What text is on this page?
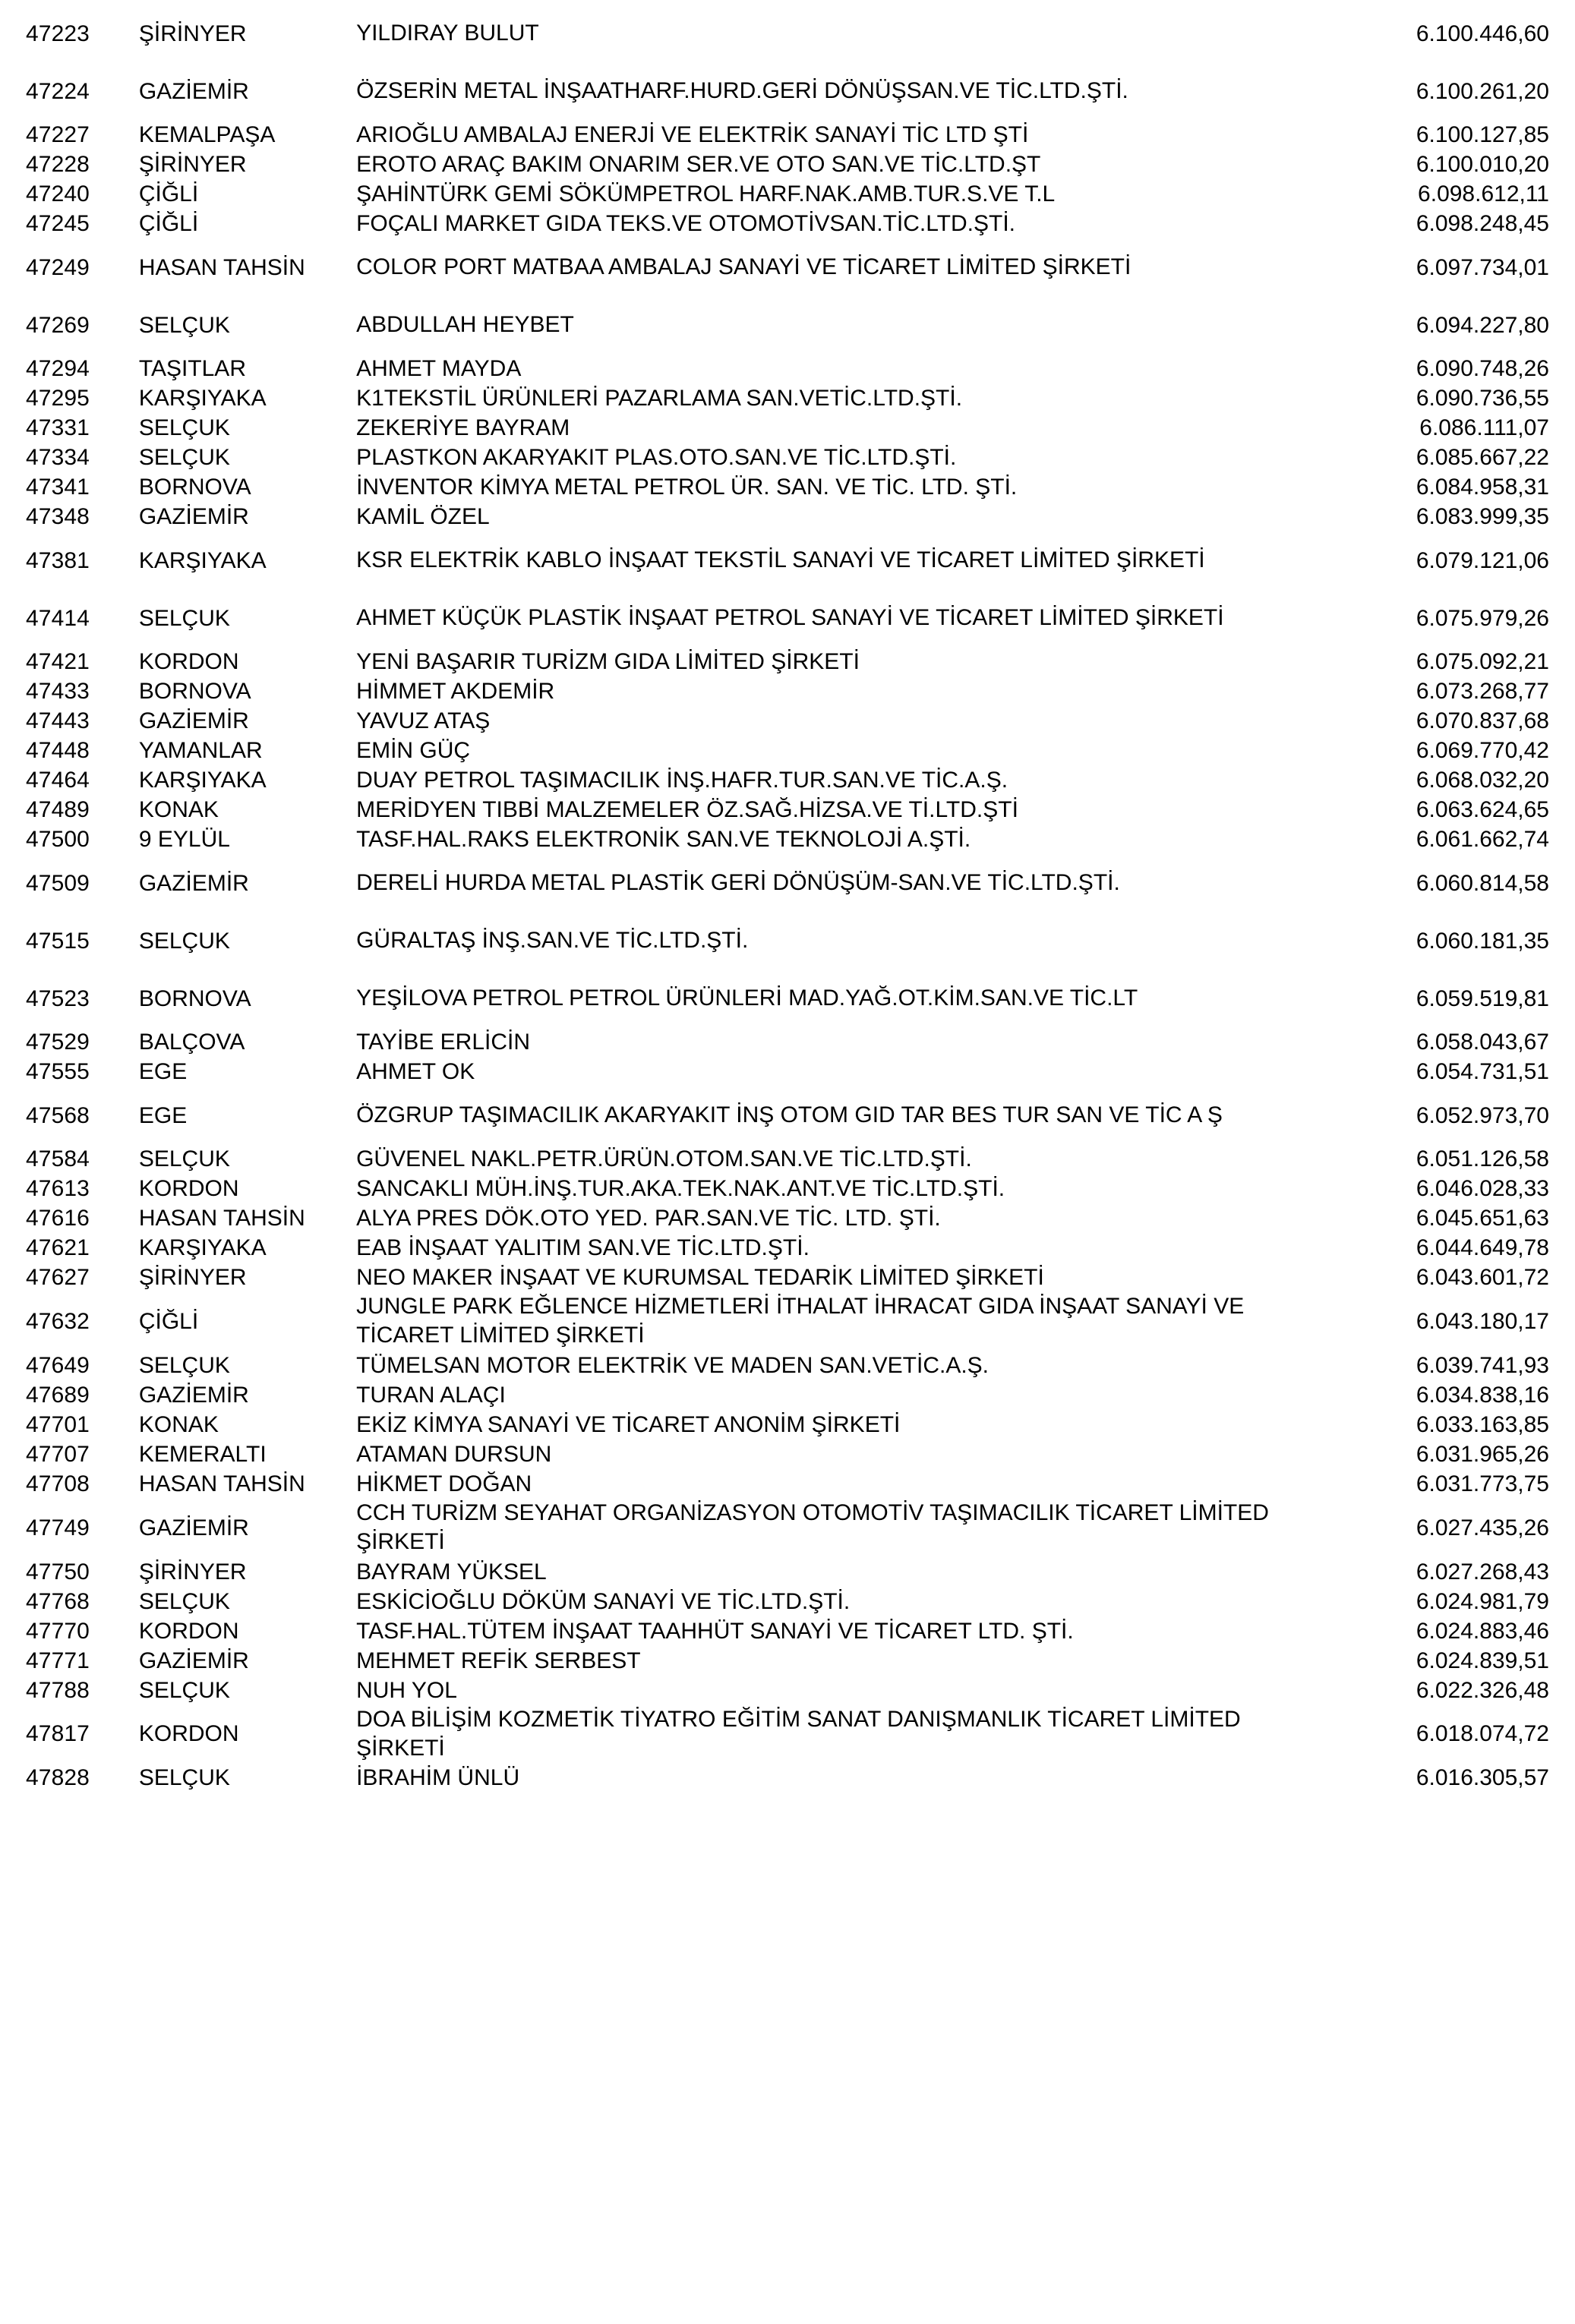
47223	ŞİRİNYER	YILDIRAY BULUT		6.100.446,60
47224	GAZİEMİR	ÖZSERİN METAL İNŞAATHARF.HURD.GERİ DÖNÜŞSAN.VE TİC.LTD.ŞTİ.		6.100.261,20
47227	KEMALPAŞA	ARIOĞLU AMBALAJ ENERJİ VE ELEKTRİK SANAYİ TİC LTD ŞTİ		6.100.127,85
47228	ŞİRİNYER	EROTO ARAÇ BAKIM ONARIM SER.VE OTO SAN.VE TİC.LTD.ŞT		6.100.010,20
47240	ÇİĞLİ	ŞAHİNTÜRK GEMİ SÖKÜMPETROL HARF.NAK.AMB.TUR.S.VE T.L		6.098.612,11
47245	ÇİĞLİ	FOÇALI MARKET GIDA TEKS.VE OTOMOTİVSAN.TİC.LTD.ŞTİ.		6.098.248,45
47249	HASAN TAHSİN	COLOR PORT MATBAA AMBALAJ SANAYİ VE TİCARET LİMİTED ŞİRKETİ		6.097.734,01
47269	SELÇUK	ABDULLAH HEYBET		6.094.227,80
47294	TAŞITLAR	AHMET MAYDA		6.090.748,26
47295	KARŞIYAKA	K1TEKSTİL ÜRÜNLERİ PAZARLAMA SAN.VETİC.LTD.ŞTİ.		6.090.736,55
47331	SELÇUK	ZEKERİYE BAYRAM		6.086.111,07
47334	SELÇUK	PLASTKON AKARYAKIT PLAS.OTO.SAN.VE TİC.LTD.ŞTİ.		6.085.667,22
47341	BORNOVA	İNVENTOR KİMYA METAL PETROL ÜR. SAN. VE TİC. LTD. ŞTİ.		6.084.958,31
47348	GAZİEMİR	KAMİL ÖZEL		6.083.999,35
47381	KARŞIYAKA	KSR ELEKTRİK KABLO İNŞAAT TEKSTİL SANAYİ VE TİCARET LİMİTED ŞİRKETİ		6.079.121,06
47414	SELÇUK	AHMET KÜÇÜK PLASTİK İNŞAAT PETROL SANAYİ VE TİCARET LİMİTED ŞİRKETİ		6.075.979,26
47421	KORDON	YENİ BAŞARIR TURİZM GIDA LİMİTED ŞİRKETİ		6.075.092,21
47433	BORNOVA	HİMMET AKDEMİR		6.073.268,77
47443	GAZİEMİR	YAVUZ ATAŞ		6.070.837,68
47448	YAMANLAR	EMİN GÜÇ		6.069.770,42
47464	KARŞIYAKA	DUAY PETROL TAŞIMACILIK İNŞ.HAFR.TUR.SAN.VE TİC.A.Ş.		6.068.032,20
47489	KONAK	MERİDYEN TIBBİ MALZEMELER ÖZ.SAĞ.HİZSA.VE Tİ.LTD.ŞTİ		6.063.624,65
47500	9 EYLÜL	TASF.HAL.RAKS ELEKTRONİK SAN.VE TEKNOLOJİ A.ŞTİ.		6.061.662,74
47509	GAZİEMİR	DERELİ HURDA METAL PLASTİK GERİ DÖNÜŞÜM-SAN.VE TİC.LTD.ŞTİ.		6.060.814,58
47515	SELÇUK	GÜRALTAŞ İNŞ.SAN.VE TİC.LTD.ŞTİ.		6.060.181,35
47523	BORNOVA	YEŞİLOVA PETROL PETROL ÜRÜNLERİ MAD.YAĞ.OT.KİM.SAN.VE TİC.LT		6.059.519,81
47529	BALÇOVA	TAYİBE ERLİCİN		6.058.043,67
47555	EGE	AHMET OK		6.054.731,51
47568	EGE	ÖZGRUP TAŞIMACILIK AKARYAKIT İNŞ OTOM GID TAR BES TUR SAN VE TİC A Ş		6.052.973,70
47584	SELÇUK	GÜVENEL NAKL.PETR.ÜRÜN.OTOM.SAN.VE TİC.LTD.ŞTİ.		6.051.126,58
47613	KORDON	SANCAKLI MÜH.İNŞ.TUR.AKA.TEK.NAK.ANT.VE TİC.LTD.ŞTİ.		6.046.028,33
47616	HASAN TAHSİN	ALYA PRES DÖK.OTO YED. PAR.SAN.VE TİC. LTD. ŞTİ.		6.045.651,63
47621	KARŞIYAKA	EAB İNŞAAT YALITIM SAN.VE TİC.LTD.ŞTİ.		6.044.649,78
47627	ŞİRİNYER	NEO MAKER İNŞAAT VE KURUMSAL TEDARİK LİMİTED ŞİRKETİ		6.043.601,72
47632	ÇİĞLİ	JUNGLE PARK EĞLENCE HİZMETLERİ İTHALAT İHRACAT GIDA İNŞAAT SANAYİ VE TİCARET LİMİTED ŞİRKETİ		6.043.180,17
47649	SELÇUK	TÜMELSAN MOTOR ELEKTRİK VE MADEN SAN.VETİC.A.Ş.		6.039.741,93
47689	GAZİEMİR	TURAN ALAÇI		6.034.838,16
47701	KONAK	EKİZ KİMYA SANAYİ VE TİCARET ANONİM ŞİRKETİ		6.033.163,85
47707	KEMERALTI	ATAMAN DURSUN		6.031.965,26
47708	HASAN TAHSİN	HİKMET DOĞAN		6.031.773,75
47749	GAZİEMİR	CCH TURİZM SEYAHAT ORGANİZASYON OTOMOTİV TAŞIMACILIK TİCARET LİMİTED ŞİRKETİ		6.027.435,26
47750	ŞİRİNYER	BAYRAM YÜKSEL		6.027.268,43
47768	SELÇUK	ESKİCİOĞLU DÖKÜM SANAYİ VE TİC.LTD.ŞTİ.		6.024.981,79
47770	KORDON	TASF.HAL.TÜTEM İNŞAAT TAAHHÜT SANAYİ VE TİCARET LTD. ŞTİ.		6.024.883,46
47771	GAZİEMİR	MEHMET REFİK SERBEST		6.024.839,51
47788	SELÇUK	NUH YOL		6.022.326,48
47817	KORDON	DOA BİLİŞİM KOZMETİK TİYATRO EĞİTİM SANAT DANIŞMANLIK TİCARET LİMİTED ŞİRKETİ		6.018.074,72
47828	SELÇUK	İBRAHİM ÜNLÜ		6.016.305,57
